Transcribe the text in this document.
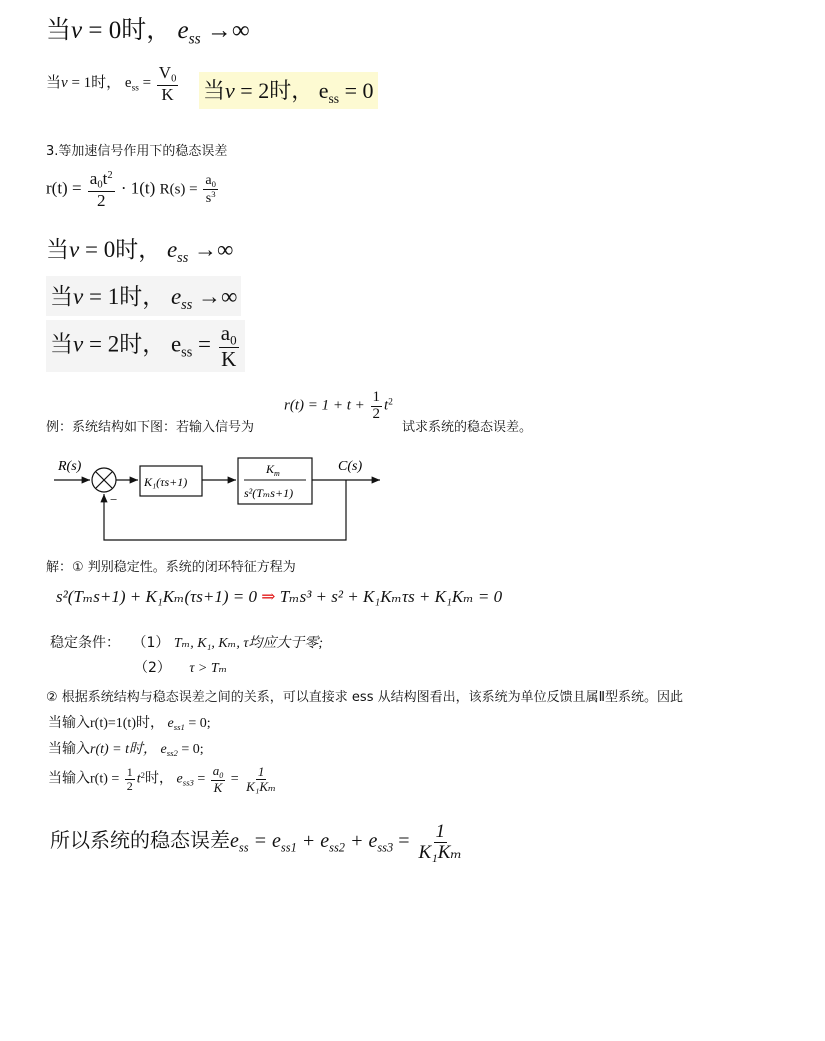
当ν = 0时， $e_{ss}$ →∞
当ν = 1时， $e_{ss} = \frac{V_0}{K}$ 当ν = 2时， $e_{ss} = 0$
3.等加速信号作用下的稳态误差
$r(t) = \frac{a_0t^2}{2} \cdot 1(t) R(s) = \frac{a_0}{s^3}$
当ν = 0时， $e_{ss}$ →∞
当ν = 1时， $e_{ss}$ →∞
当ν = 2时， $e_{ss} = \frac{a_0}{K}$
例：系统结构如下图：若输入信号为
$r(t) = 1 + t + \frac{1}{2} t^2$
试求系统的稳态误差。
R(s)
−
K₁(τs+1)
$K_m$
s²(Tₘs+1)
C(s)
解：① 判别稳定性。系统的闭环特征方程为
s²(Tₘs+1) + K₁Kₘ(τs+1) = 0 ⇒ Tₘs³ + s² + K₁Kₘτs + K₁Kₘ = 0
稳定条件： （1） Tₘ, K₁, Kₘ, τ均应大于零;
（2） τ > Tₘ
② 根据系统结构与稳态误差之间的关系，可以直接求 ess 从结构图看出，该系统为单位反馈且属Ⅱ型系统。因此
当输入r(t)=1(t)时， $e_{ss1} = 0$;
当输入r(t) = t时， $e_{ss2} = 0$;
当输入$r(t) = \frac{1}{2} t^2$时， $e_{ss3} = \frac{a_0}{K} = \frac{1}{\text{K₁Kₘ}}$
所以系统的稳态误差$e_{ss} = e_{ss1} + e_{ss2} + e_{ss3} = \frac{1}{\text{K₁Kₘ}}$
